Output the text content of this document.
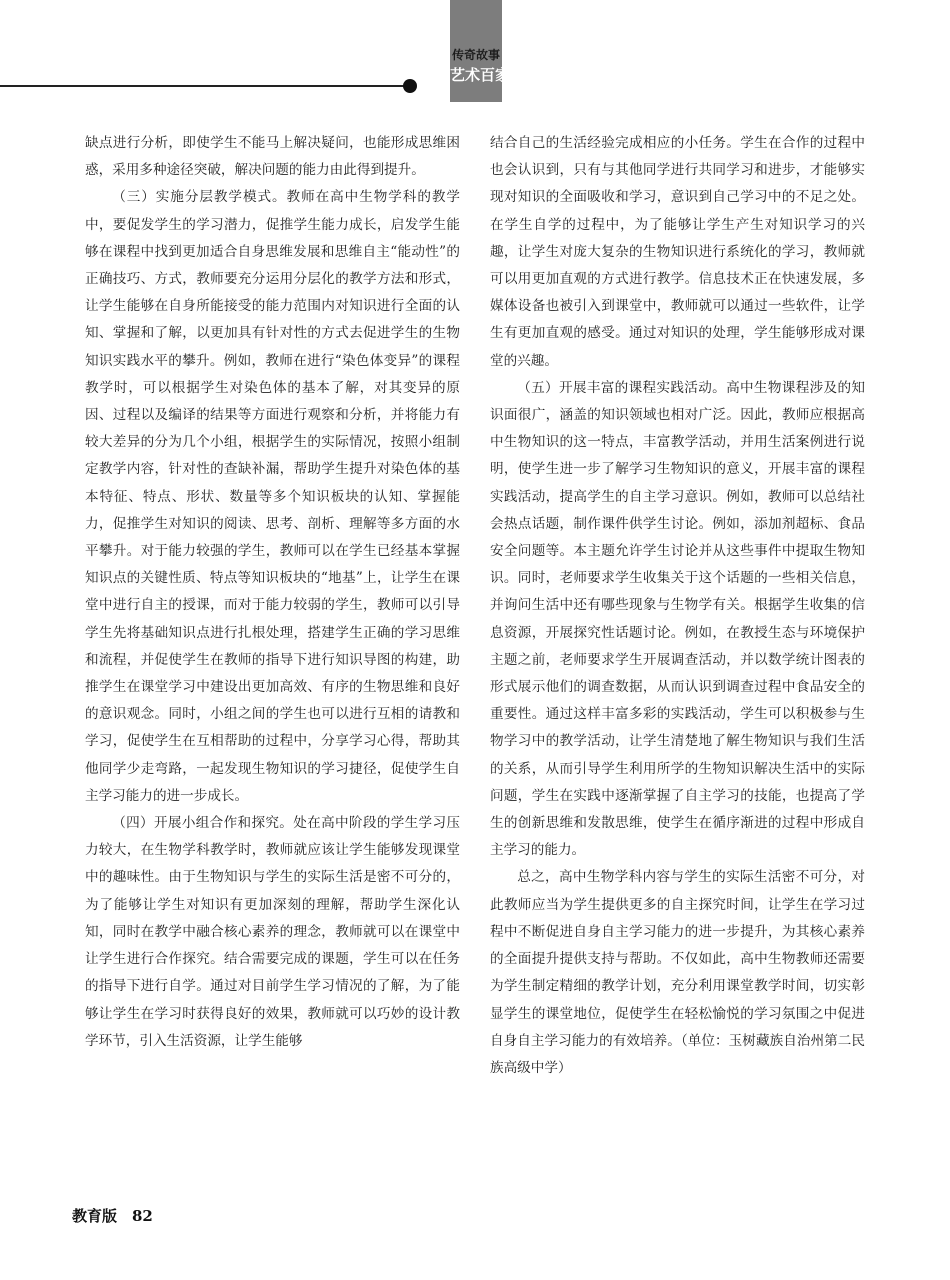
传奇故事
艺术百家

缺点进行分析，即使学生不能马上解决疑问，也能形成思维困惑，采用多种途径突破，解决问题的能力由此得到提升。

（三）实施分层教学模式。教师在高中生物学科的教学中，要促发学生的学习潜力，促推学生能力成长，启发学生能够在课程中找到更加适合自身思维发展和思维自主“能动性”的正确技巧、方式，教师要充分运用分层化的教学方法和形式，让学生能够在自身所能接受的能力范围内对知识进行全面的认知、掌握和了解，以更加具有针对性的方式去促进学生的生物知识实践水平的攀升。例如，教师在进行“染色体变异”的课程教学时，可以根据学生对染色体的基本了解，对其变异的原因、过程以及编译的结果等方面进行观察和分析，并将能力有较大差异的分为几个小组，根据学生的实际情况，按照小组制定教学内容，针对性的查缺补漏，帮助学生提升对染色体的基本特征、特点、形状、数量等多个知识板块的认知、掌握能力，促推学生对知识的阅读、思考、剖析、理解等多方面的水平攀升。对于能力较强的学生，教师可以在学生已经基本掌握知识点的关键性质、特点等知识板块的“地基”上，让学生在课堂中进行自主的授课，而对于能力较弱的学生，教师可以引导学生先将基础知识点进行扎根处理，搭建学生正确的学习思维和流程，并促使学生在教师的指导下进行知识导图的构建，助推学生在课堂学习中建设出更加高效、有序的生物思维和良好的意识观念。同时，小组之间的学生也可以进行互相的请教和学习，促使学生在互相帮助的过程中，分享学习心得，帮助其他同学少走弯路，一起发现生物知识的学习捷径，促使学生自主学习能力的进一步成长。

（四）开展小组合作和探究。处在高中阶段的学生学习压力较大，在生物学科教学时，教师就应该让学生能够发现课堂中的趣味性。由于生物知识与学生的实际生活是密不可分的，为了能够让学生对知识有更加深刻的理解，帮助学生深化认知，同时在教学中融合核心素养的理念，教师就可以在课堂中让学生进行合作探究。结合需要完成的课题，学生可以在任务的指导下进行自学。通过对目前学生学习情况的了解，为了能够让学生在学习时获得良好的效果，教师就可以巧妙的设计教学环节，引入生活资源，让学生能够

结合自己的生活经验完成相应的小任务。学生在合作的过程中也会认识到，只有与其他同学进行共同学习和进步，才能够实现对知识的全面吸收和学习，意识到自己学习中的不足之处。在学生自学的过程中，为了能够让学生产生对知识学习的兴趣，让学生对庞大复杂的生物知识进行系统化的学习，教师就可以用更加直观的方式进行教学。信息技术正在快速发展，多媒体设备也被引入到课堂中，教师就可以通过一些软件，让学生有更加直观的感受。通过对知识的处理，学生能够形成对课堂的兴趣。

（五）开展丰富的课程实践活动。高中生物课程涉及的知识面很广，涵盖的知识领域也相对广泛。因此，教师应根据高中生物知识的这一特点，丰富教学活动，并用生活案例进行说明，使学生进一步了解学习生物知识的意义，开展丰富的课程实践活动，提高学生的自主学习意识。例如，教师可以总结社会热点话题，制作课件供学生讨论。例如，添加剂超标、食品安全问题等。本主题允许学生讨论并从这些事件中提取生物知识。同时，老师要求学生收集关于这个话题的一些相关信息，并询问生活中还有哪些现象与生物学有关。根据学生收集的信息资源，开展探究性话题讨论。例如，在教授生态与环境保护主题之前，老师要求学生开展调查活动，并以数学统计图表的形式展示他们的调查数据，从而认识到调查过程中食品安全的重要性。通过这样丰富多彩的实践活动，学生可以积极参与生物学习中的教学活动，让学生清楚地了解生物知识与我们生活的关系，从而引导学生利用所学的生物知识解决生活中的实际问题，学生在实践中逐渐掌握了自主学习的技能，也提高了学生的创新思维和发散思维，使学生在循序渐进的过程中形成自主学习的能力。

总之，高中生物学科内容与学生的实际生活密不可分，对此教师应当为学生提供更多的自主探究时间，让学生在学习过程中不断促进自身自主学习能力的进一步提升，为其核心素养的全面提升提供支持与帮助。不仅如此，高中生物教师还需要为学生制定精细的教学计划，充分利用课堂教学时间，切实彰显学生的课堂地位，促使学生在轻松愉悦的学习氛围之中促进自身自主学习能力的有效培养。（单位：玉树藏族自治州第二民族高级中学）

教育版　82
